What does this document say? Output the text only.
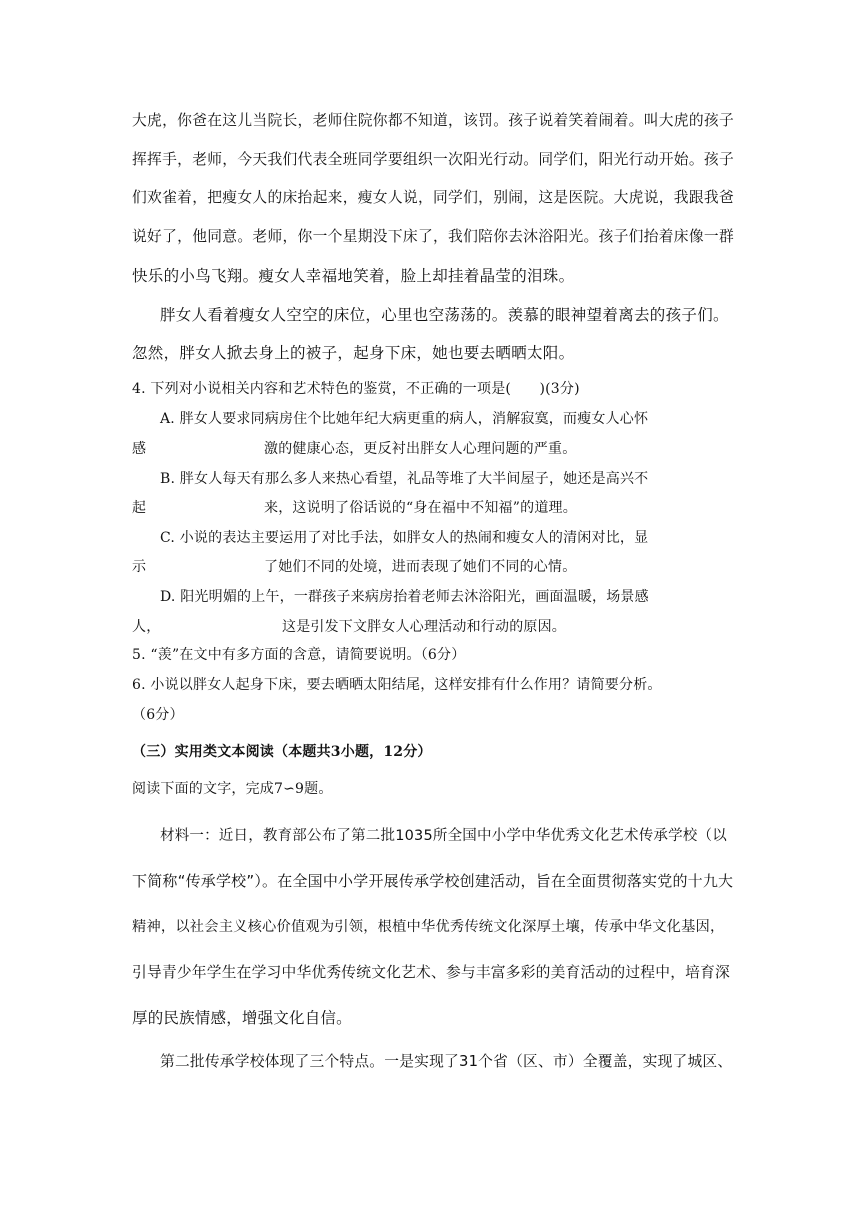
大虎，你爸在这儿当院长，老师住院你都不知道，该罚。孩子说着笑着闹着。叫大虎的孩子
挥挥手，老师，今天我们代表全班同学要组织一次阳光行动。同学们，阳光行动开始。孩子
们欢雀着，把瘦女人的床抬起来，瘦女人说，同学们，别闹，这是医院。大虎说，我跟我爸
说好了，他同意。老师，你一个星期没下床了，我们陪你去沐浴阳光。孩子们抬着床像一群
快乐的小鸟飞翔。瘦女人幸福地笑着，脸上却挂着晶莹的泪珠。
胖女人看着瘦女人空空的床位，心里也空荡荡的。羡慕的眼神望着离去的孩子们。
忽然，胖女人掀去身上的被子，起身下床，她也要去晒晒太阳。
4. 下列对小说相关内容和艺术特色的鉴赏，不正确的一项是(　　)(3分)
A. 胖女人要求同病房住个比她年纪大病更重的病人，消解寂寞，而瘦女人心怀
感	激的健康心态，更反衬出胖女人心理问题的严重。
B. 胖女人每天有那么多人来热心看望，礼品等堆了大半间屋子，她还是高兴不
起	来，这说明了俗话说的“身在福中不知福”的道理。
C. 小说的表达主要运用了对比手法，如胖女人的热闹和瘦女人的清闲对比，显
示	了她们不同的处境，进而表现了她们不同的心情。
D. 阳光明媚的上午，一群孩子来病房抬着老师去沐浴阳光，画面温暖，场景感
人，	这是引发下文胖女人心理活动和行动的原因。
5. “羡”在文中有多方面的含意，请简要说明。（6分）
6. 小说以胖女人起身下床，要去晒晒太阳结尾，这样安排有什么作用？请简要分析。
（6分）
（三）实用类文本阅读（本题共3小题，12分）
阅读下面的文字，完成7∽9题。
材料一：近日，教育部公布了第二批1035所全国中小学中华优秀文化艺术传承学校（以
下简称“传承学校”）。在全国中小学开展传承学校创建活动，旨在全面贯彻落实党的十九大
精神，以社会主义核心价值观为引领，根植中华优秀传统文化深厚土壤，传承中华文化基因，
引导青少年学生在学习中华优秀传统文化艺术、参与丰富多彩的美育活动的过程中，培育深
厚的民族情感，增强文化自信。
第二批传承学校体现了三个特点。一是实现了31个省（区、市）全覆盖，实现了城区、
